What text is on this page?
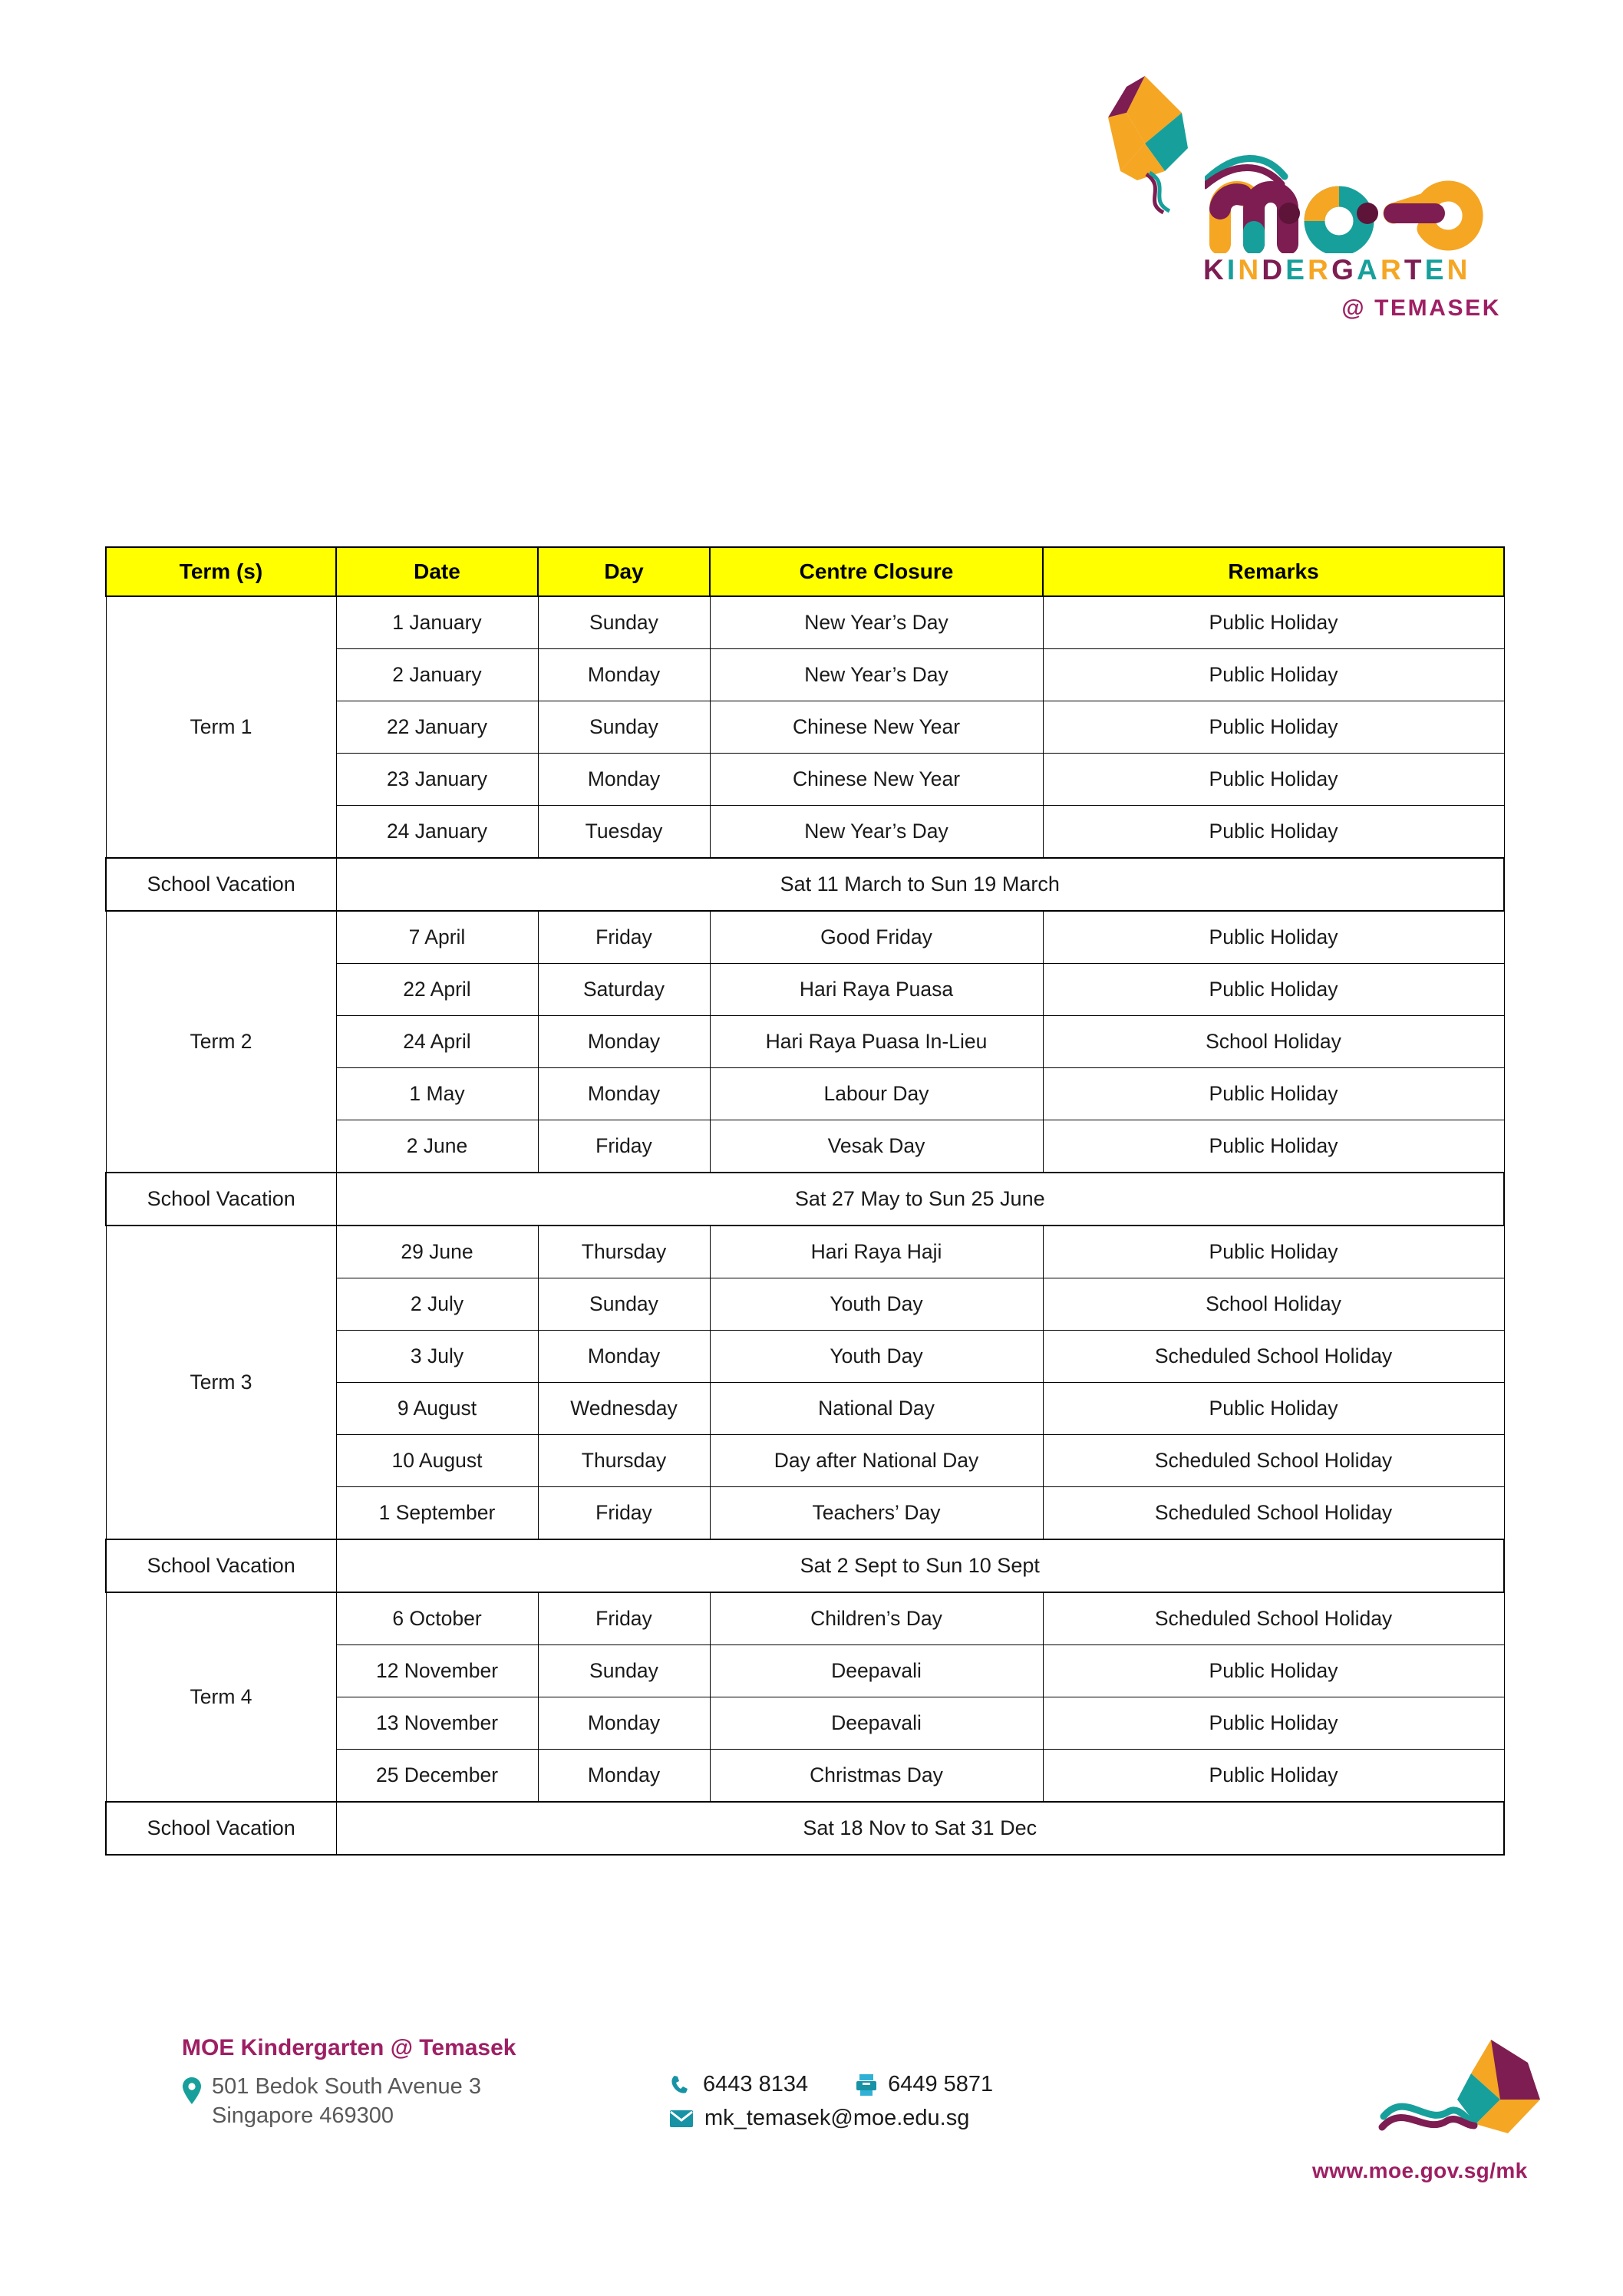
KINDERGARTEN
@ TEMASEK
Term (s)	Date	Day	Centre Closure	Remarks
Term 1	1 January	Sunday	New Year’s Day	Public Holiday
	2 January	Monday	New Year’s Day	Public Holiday
	22 January	Sunday	Chinese New Year	Public Holiday
	23 January	Monday	Chinese New Year	Public Holiday
	24 January	Tuesday	New Year’s Day	Public Holiday
School Vacation	Sat 11 March to Sun 19 March			
Term 2	7 April	Friday	Good Friday	Public Holiday
	22 April	Saturday	Hari Raya Puasa	Public Holiday
	24 April	Monday	Hari Raya Puasa In-Lieu	School Holiday
	1 May	Monday	Labour Day	Public Holiday
	2 June	Friday	Vesak Day	Public Holiday
School Vacation	Sat 27 May to Sun 25 June			
Term 3	29 June	Thursday	Hari Raya Haji	Public Holiday
	2 July	Sunday	Youth Day	School Holiday
	3 July	Monday	Youth Day	Scheduled School Holiday
	9 August	Wednesday	National Day	Public Holiday
	10 August	Thursday	Day after National Day	Scheduled School Holiday
	1 September	Friday	Teachers’ Day	Scheduled School Holiday
School Vacation	Sat 2 Sept to Sun 10 Sept			
Term 4	6 October	Friday	Children’s Day	Scheduled School Holiday
	12 November	Sunday	Deepavali	Public Holiday
	13 November	Monday	Deepavali	Public Holiday
	25 December	Monday	Christmas Day	Public Holiday
School Vacation	Sat 18 Nov to Sat 31 Dec			
MOE Kindergarten @ Temasek
501 Bedok South Avenue 3
Singapore 469300
6443 8134	6449 5871
mk_temasek@moe.edu.sg
www.moe.gov.sg/mk
